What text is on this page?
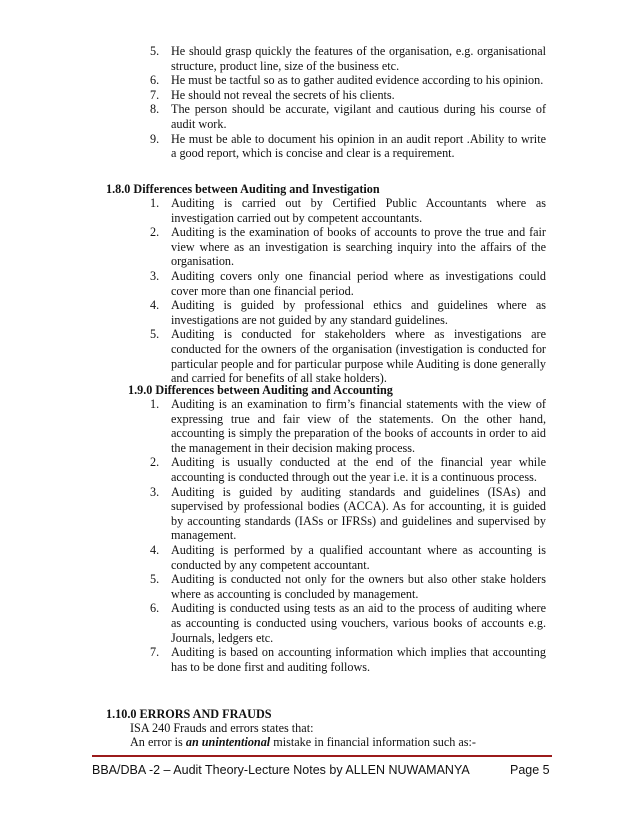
5. He should grasp quickly the features of the organisation, e.g. organisational structure, product line, size of the business etc.
6. He must be tactful so as to gather audited evidence according to his opinion.
7. He should not reveal the secrets of his clients.
8. The person should be accurate, vigilant and cautious during his course of audit work.
9. He must be able to document his opinion in an audit report .Ability to write a good report, which is concise and clear is a requirement.
1.8.0 Differences between Auditing and Investigation
1. Auditing is carried out by Certified Public Accountants where as investigation carried out by competent accountants.
2. Auditing is the examination of books of accounts to prove the true and fair view where as an investigation is searching inquiry into the affairs of the organisation.
3. Auditing covers only one financial period where as investigations could cover more than one financial period.
4. Auditing is guided by professional ethics and guidelines where as investigations are not guided by any standard guidelines.
5. Auditing is conducted for stakeholders where as investigations are conducted for the owners of the organisation (investigation is conducted for particular people and for particular purpose while Auditing is done generally and carried for benefits of all stake holders).
1.9.0 Differences between Auditing and Accounting
1. Auditing is an examination to firm’s financial statements with the view of expressing true and fair view of the statements. On the other hand, accounting is simply the preparation of the books of accounts in order to aid the management in their decision making process.
2. Auditing is usually conducted at the end of the financial year while accounting is conducted through out the year i.e. it is a continuous process.
3. Auditing is guided by auditing standards and guidelines (ISAs) and supervised by professional bodies (ACCA). As for accounting, it is guided by accounting standards (IASs or IFRSs) and guidelines and supervised by management.
4. Auditing is performed by a qualified accountant where as accounting is conducted by any competent accountant.
5. Auditing is conducted not only for the owners but also other stake holders where as accounting is concluded by management.
6. Auditing is conducted using tests as an aid to the process of auditing where as accounting is conducted using vouchers, various books of accounts e.g. Journals, ledgers etc.
7. Auditing is based on accounting information which implies that accounting has to be done first and auditing follows.
1.10.0 ERRORS AND FRAUDS
ISA 240 Frauds and errors states that:
An error is an unintentional mistake in financial information such as:-
BBA/DBA -2 – Audit Theory-Lecture Notes by ALLEN NUWAMANYA	Page 5
